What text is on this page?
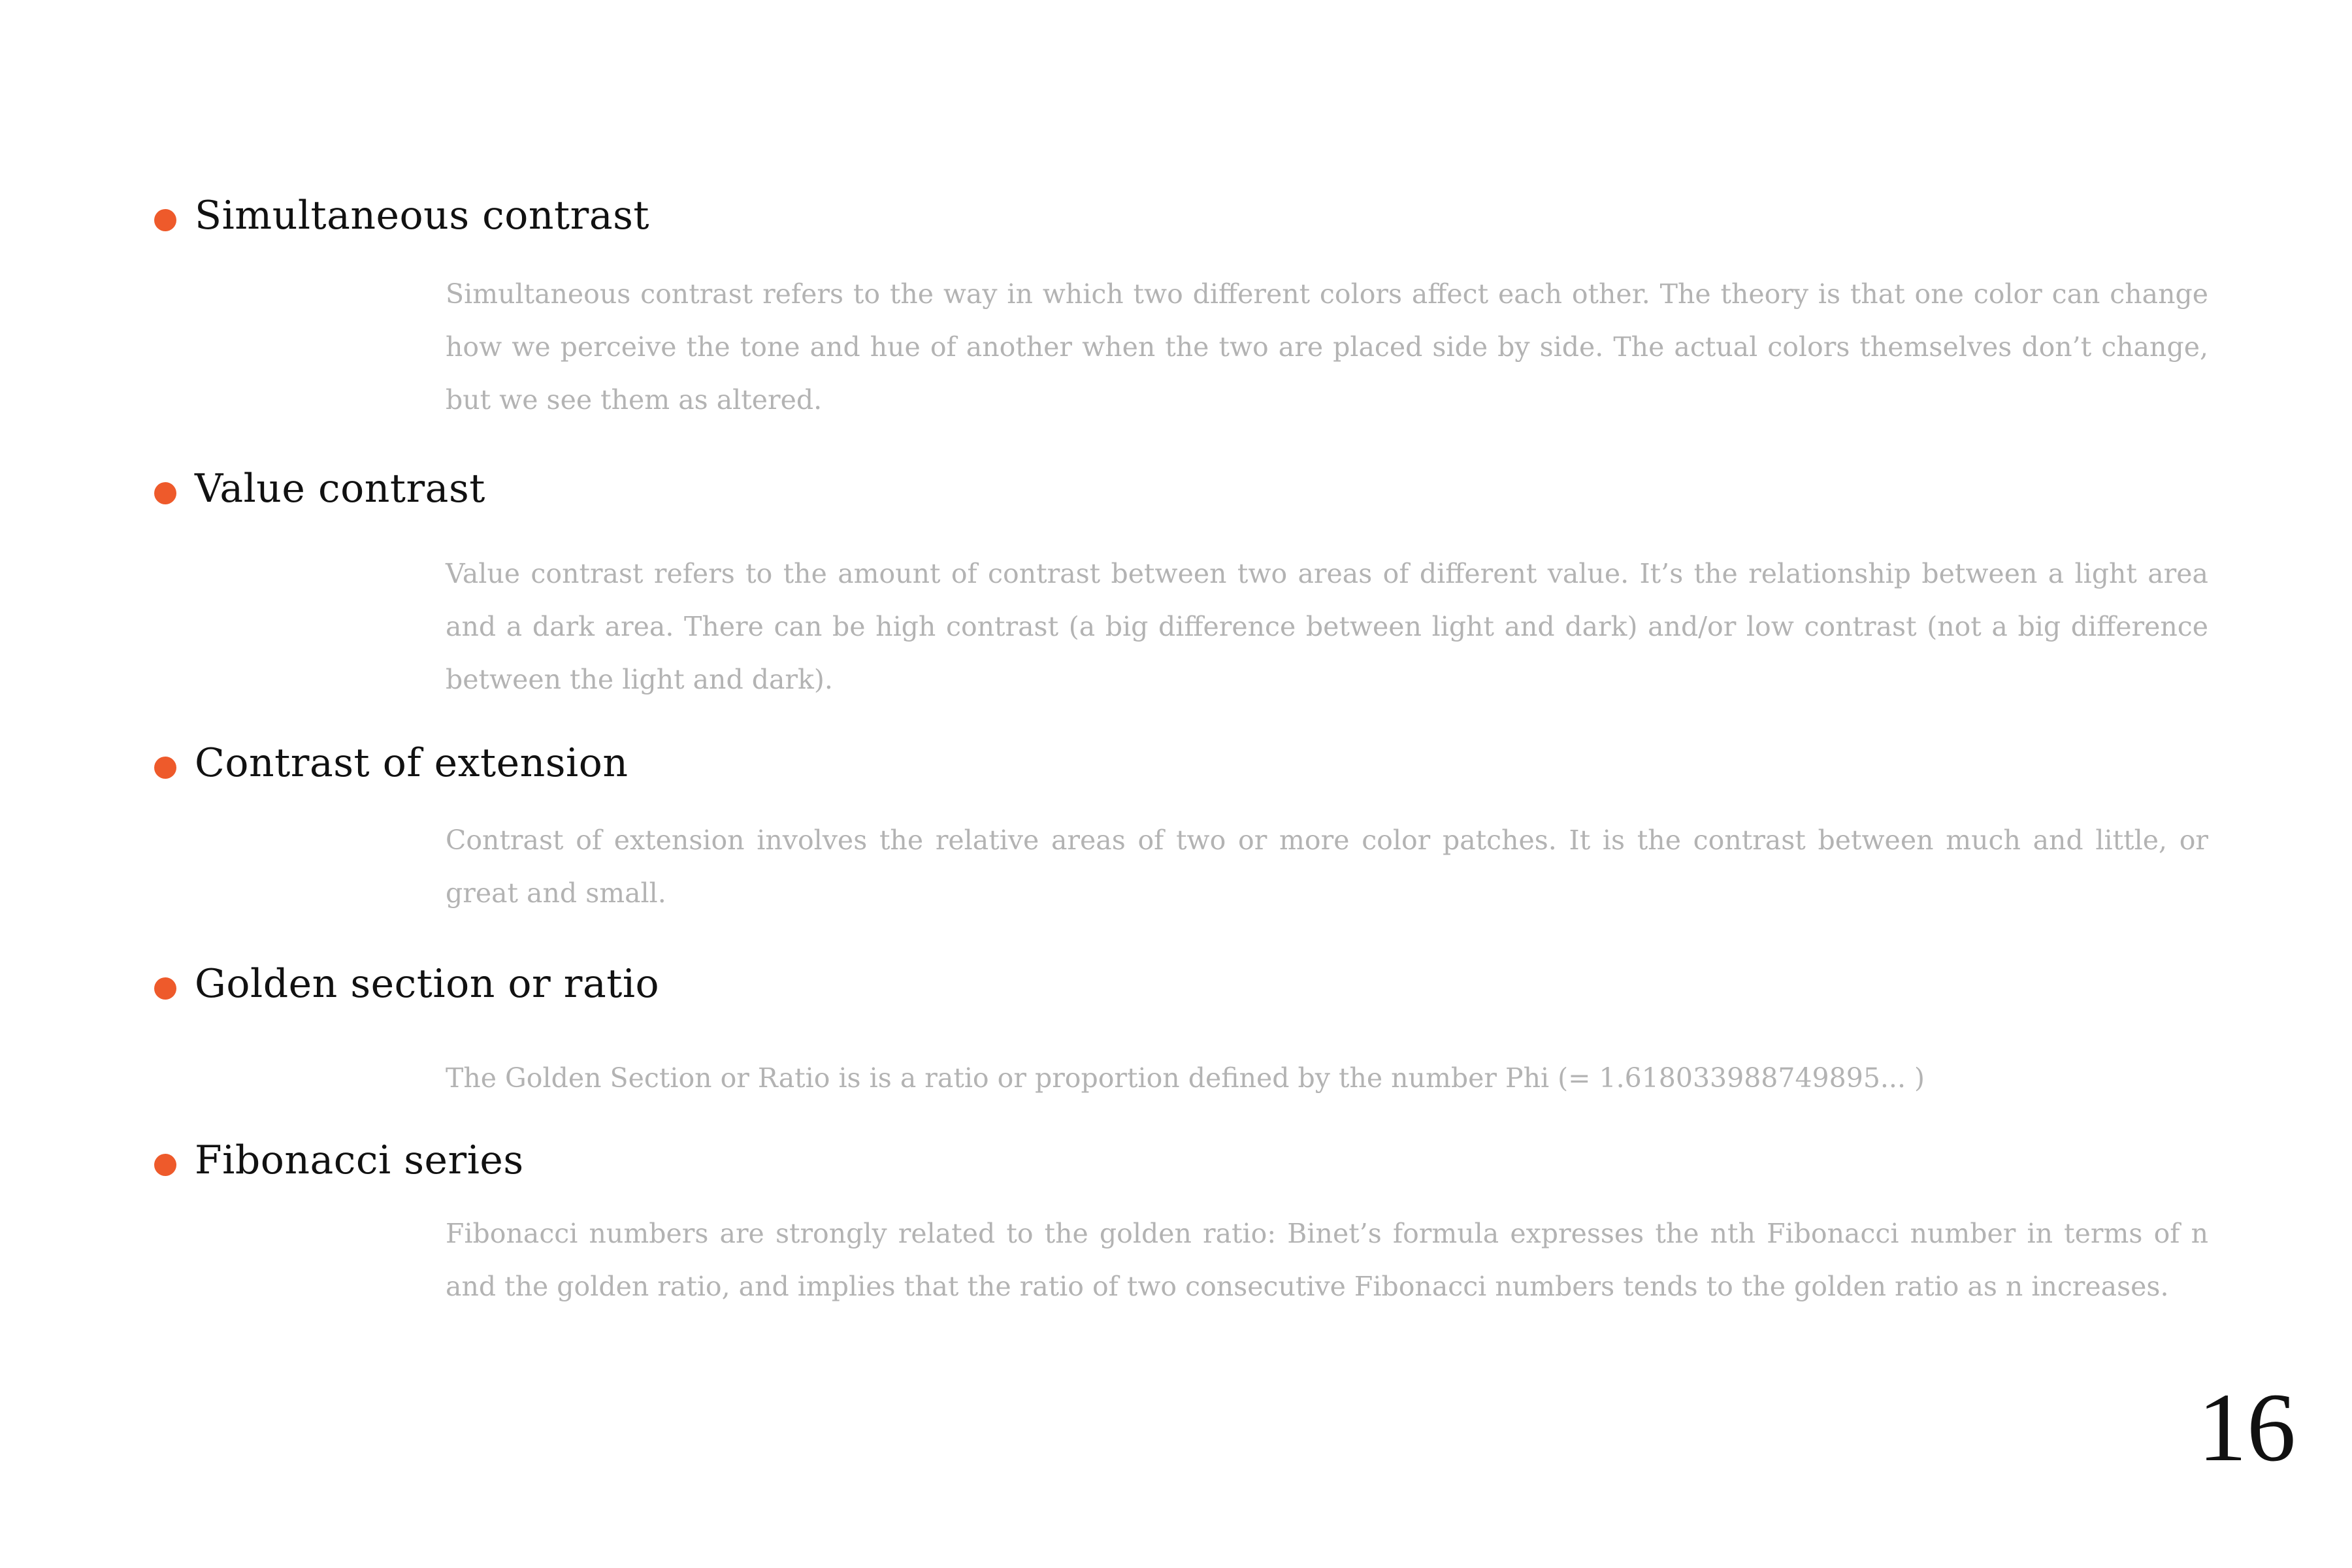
Simultaneous contrast

Simultaneous contrast refers to the way in which two different colors affect each other. The theory is that one color can change how we perceive the tone and hue of another when the two are placed side by side. The actual colors themselves don’t change, but we see them as altered.

Value contrast

Value contrast refers to the amount of contrast between two areas of different value. It’s the relationship between a light area and a dark area. There can be high contrast (a big difference between light and dark) and/or low contrast (not a big difference between the light and dark).

Contrast of extension

Contrast of extension involves the relative areas of two or more color patches. It is the contrast between much and little, or great and small.

Golden section or ratio

The Golden Section or Ratio is is a ratio or proportion defined by the number Phi (= 1.618033988749895... )

Fibonacci series

Fibonacci numbers are strongly related to the golden ratio: Binet’s formula expresses the nth Fibonacci number in terms of n and the golden ratio, and implies that the ratio of two consecutive Fibonacci numbers tends to the golden ratio as n increases.

16
